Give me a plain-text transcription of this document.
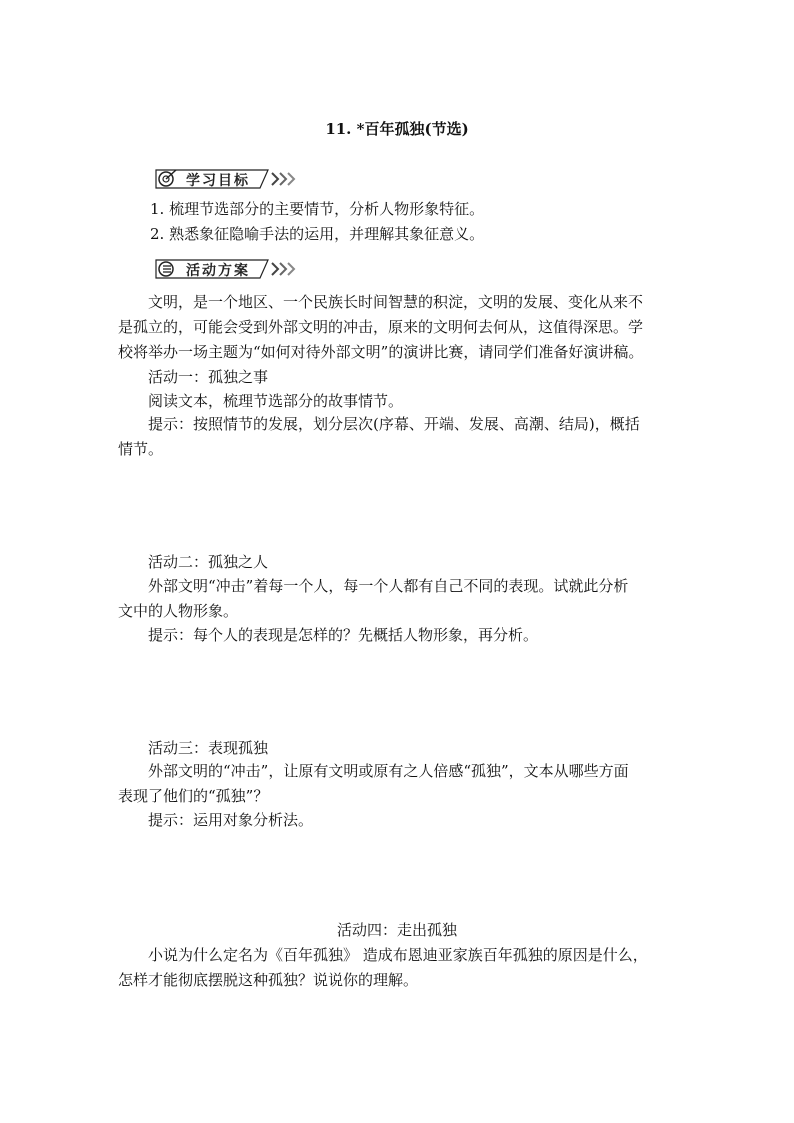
11. *百年孤独(节选)
学习目标
1. 梳理节选部分的主要情节，分析人物形象特征。
2. 熟悉象征隐喻手法的运用，并理解其象征意义。
活动方案
文明，是一个地区、一个民族长时间智慧的积淀，文明的发展、变化从来不
是孤立的，可能会受到外部文明的冲击，原来的文明何去何从，这值得深思。学
校将举办一场主题为“如何对待外部文明”的演讲比赛，请同学们准备好演讲稿。
活动一：孤独之事
阅读文本，梳理节选部分的故事情节。
提示：按照情节的发展，划分层次(序幕、开端、发展、高潮、结局)，概括
情节。
活动二：孤独之人
外部文明“冲击”着每一个人，每一个人都有自己不同的表现。试就此分析
文中的人物形象。
提示：每个人的表现是怎样的？先概括人物形象，再分析。
活动三：表现孤独
外部文明的“冲击”，让原有文明或原有之人倍感“孤独”，文本从哪些方面
表现了他们的“孤独”？
提示：运用对象分析法。
活动四：走出孤独
小说为什么定名为《百年孤独》 造成布恩迪亚家族百年孤独的原因是什么，
怎样才能彻底摆脱这种孤独？说说你的理解。
